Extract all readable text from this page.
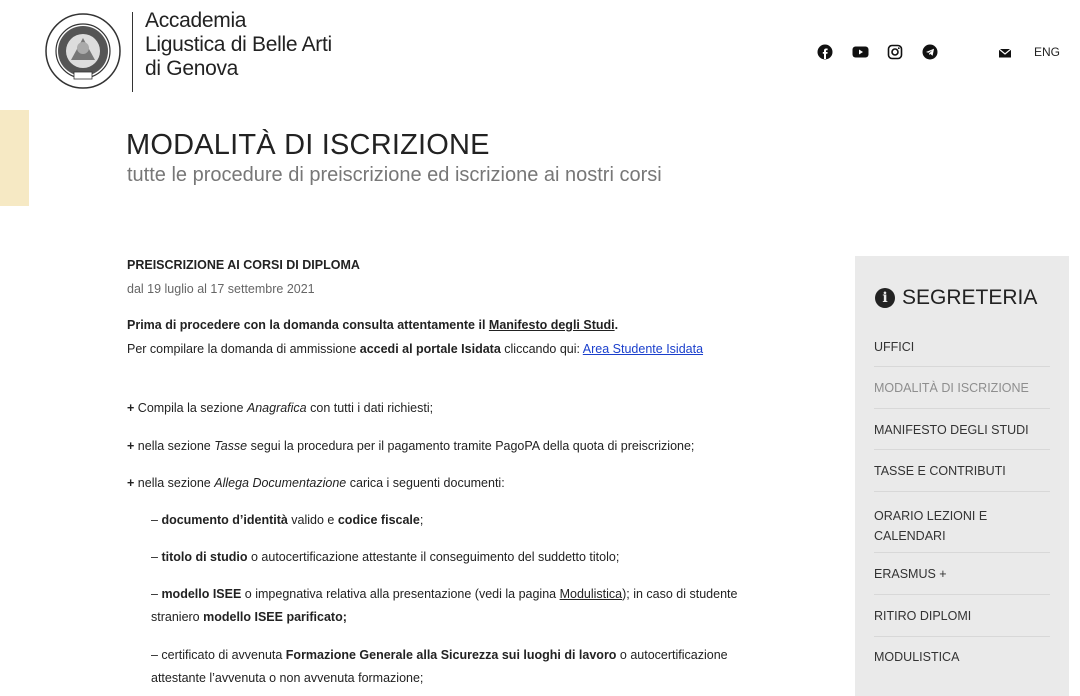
Accademia
Ligustica di Belle Arti
di Genova
ENG
MODALITÀ DI ISCRIZIONE
tutte le procedure di preiscrizione ed iscrizione ai nostri corsi
PREISCRIZIONE AI CORSI DI DIPLOMA
dal 19 luglio al 17 settembre 2021
Prima di procedere con la domanda consulta attentamente il Manifesto degli Studi.
Per compilare la domanda di ammissione accedi al portale Isidata cliccando qui: Area Studente Isidata
+ Compila la sezione Anagrafica con tutti i dati richiesti;
+ nella sezione Tasse segui la procedura per il pagamento tramite PagoPA della quota di preiscrizione;
+ nella sezione Allega Documentazione carica i seguenti documenti:
– documento d’identità valido e codice fiscale;
– titolo di studio o autocertificazione attestante il conseguimento del suddetto titolo;
– modello ISEE o impegnativa relativa alla presentazione (vedi la pagina Modulistica); in caso di studente
straniero modello ISEE parificato;
– certificato di avvenuta Formazione Generale alla Sicurezza sui luoghi di lavoro o autocertificazione
attestante l’avvenuta o non avvenuta formazione;
i SEGRETERIA
UFFICI
MODALITÀ DI ISCRIZIONE
MANIFESTO DEGLI STUDI
TASSE E CONTRIBUTI
ORARIO LEZIONI E CALENDARI
ERASMUS +
RITIRO DIPLOMI
MODULISTICA
